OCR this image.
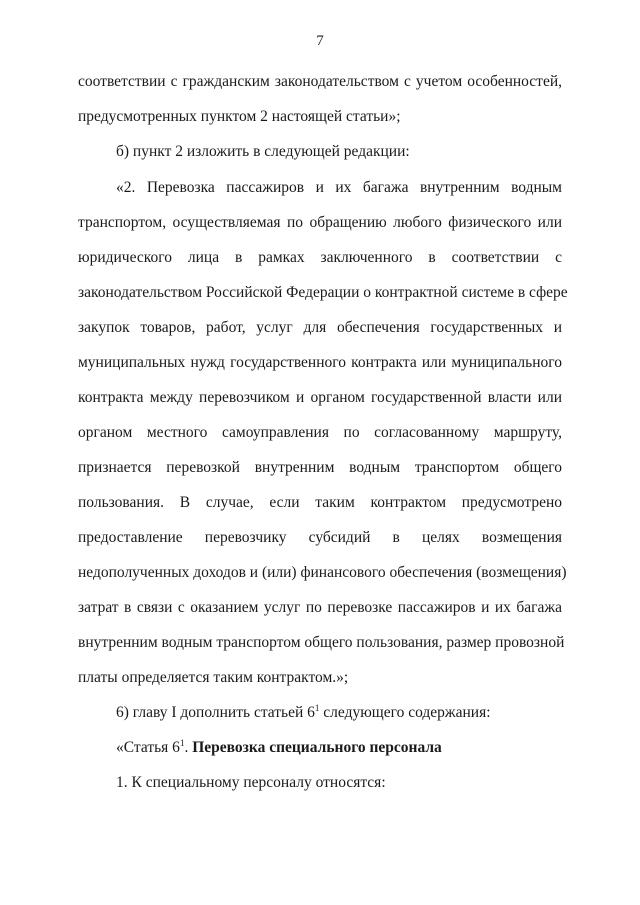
7
соответствии с гражданским законодательством с учетом особенностей,
предусмотренных пунктом 2 настоящей статьи»;
б) пункт 2 изложить в следующей редакции:
«2. Перевозка пассажиров и их багажа внутренним водным
транспортом, осуществляемая по обращению любого физического или
юридического лица в рамках заключенного в соответствии с
законодательством Российской Федерации о контрактной системе в сфере
закупок товаров, работ, услуг для обеспечения государственных и
муниципальных нужд государственного контракта или муниципального
контракта между перевозчиком и органом государственной власти или
органом местного самоуправления по согласованному маршруту,
признается перевозкой внутренним водным транспортом общего
пользования. В случае, если таким контрактом предусмотрено
предоставление перевозчику субсидий в целях возмещения
недополученных доходов и (или) финансового обеспечения (возмещения)
затрат в связи с оказанием услуг по перевозке пассажиров и их багажа
внутренним водным транспортом общего пользования, размер провозной
платы определяется таким контрактом.»;
6) главу I дополнить статьей $6^1$ следующего содержания:
«Статья $6^1$. Перевозка специального персонала
1. К специальному персоналу относятся:
